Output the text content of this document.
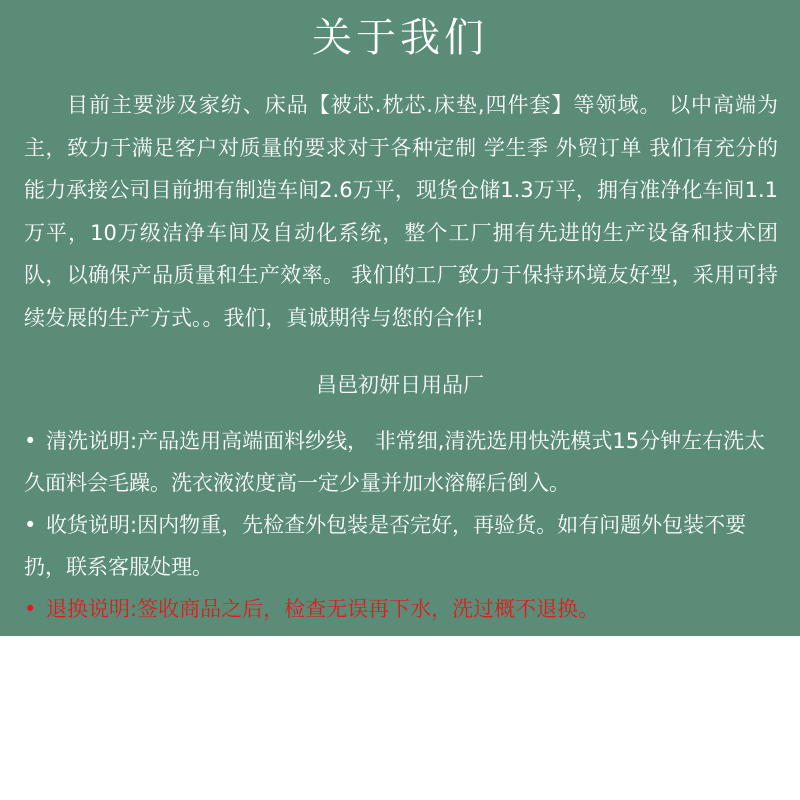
关于我们
目前主要涉及家纺、床品【被芯.枕芯.床垫,四件套】等领域。 以中高端为主，致力于满足客户对质量的要求对于各种定制 学生季 外贸订单 我们有充分的能力承接公司目前拥有制造车间2.6万平，现货仓储1.3万平，拥有准净化车间1.1万平，10万级洁净车间及自动化系统，整个工厂拥有先进的生产设备和技术团队，以确保产品质量和生产效率。 我们的工厂致力于保持环境友好型，采用可持续发展的生产方式。。我们，真诚期待与您的合作!
昌邑初妍日用品厂

• 清洗说明:产品选用高端面料纱线， 非常细,清洗选用快洗模式15分钟左右洗太久面料会毛躁。洗衣液浓度高一定少量并加水溶解后倒入。

• 收货说明:因内物重，先检查外包装是否完好，再验货。如有问题外包装不要扔，联系客服处理。

• 退换说明:签收商品之后，检查无误再下水，洗过概不退换。
